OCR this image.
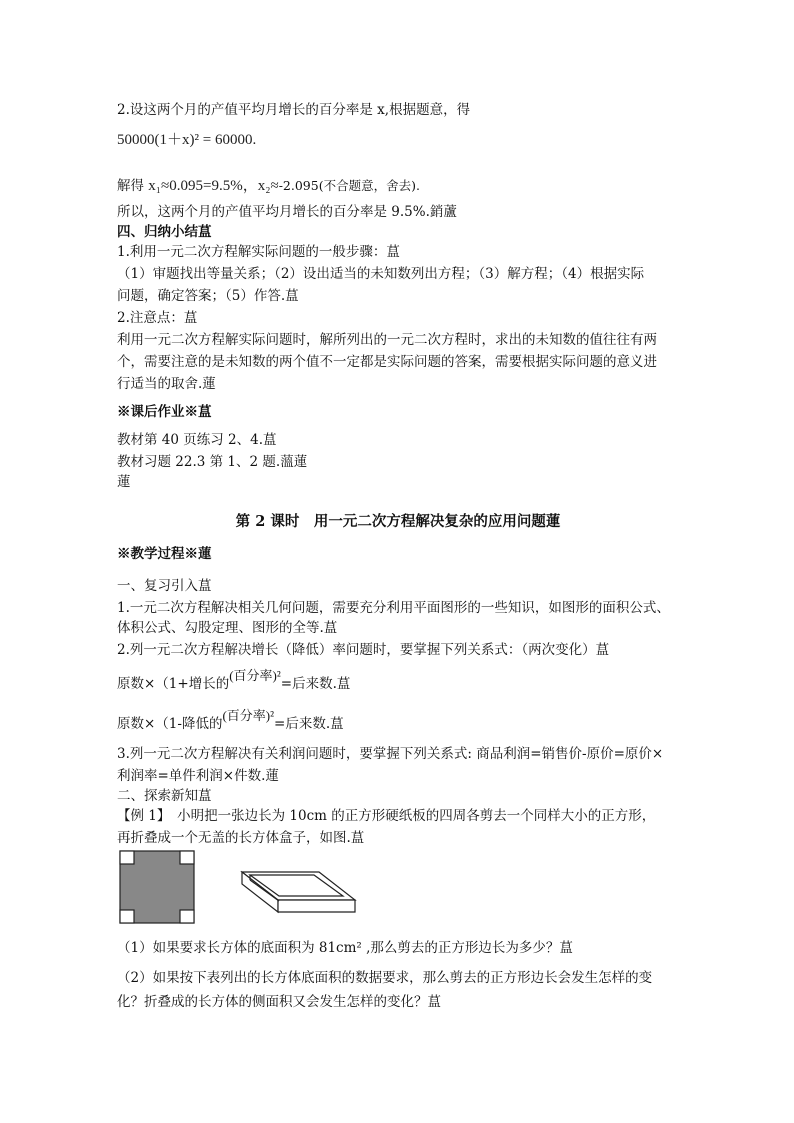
2.设这两个月的产值平均月增长的百分率是 x,根据题意，得
50000(1＋x)² = 60000.
解得 x₁≈0.095=9.5%，x₂≈-2.095(不合题意，舍去).
所以，这两个月的产值平均月增长的百分率是 9.5%.銷蘆
四、归纳小结蒀
1.利用一元二次方程解实际问题的一般步骤：蒀
（1）审题找出等量关系；（2）设出适当的未知数列出方程；（3）解方程；（4）根据实际
问题，确定答案；（5）作答.蒀
2.注意点：蒀
利用一元二次方程解实际问题时，解所列出的一元二次方程时，求出的未知数的值往往有两
个，需要注意的是未知数的两个值不一定都是实际问题的答案，需要根据实际问题的意义进
行适当的取舍.蓮
※课后作业※蒀
教材第 40 页练习 2、4.蒀
教材习题 22.3 第 1、2 题.薀蓮
蓮
第 2 课时　用一元二次方程解决复杂的应用问题蓮
※教学过程※蓮
一、复习引入蒀
1.一元二次方程解决相关几何问题，需要充分利用平面图形的一些知识，如图形的面积公式、
体积公式、勾股定理、图形的全等.蒀
2.列一元二次方程解决增长（降低）率问题时，要掌握下列关系式：（两次变化）蒀
原数×（1+增长的(百分率)²=后来数.蒀
原数×（1-降低的(百分率)²=后来数.蒀
3.列一元二次方程解决有关利润问题时，要掌握下列关系式: 商品利润=销售价-原价=原价×
利润率=单件利润×件数.蓮
二、探索新知蒀
【例 1】　小明把一张边长为 10cm 的正方形硬纸板的四周各剪去一个同样大小的正方形，
再折叠成一个无盖的长方体盒子，如图.蒀
（1）如果要求长方体的底面积为 81cm² ,那么剪去的正方形边长为多少？蒀
（2）如果按下表列出的长方体底面积的数据要求，那么剪去的正方形边长会发生怎样的变
化？折叠成的长方体的侧面积又会发生怎样的变化？蒀
